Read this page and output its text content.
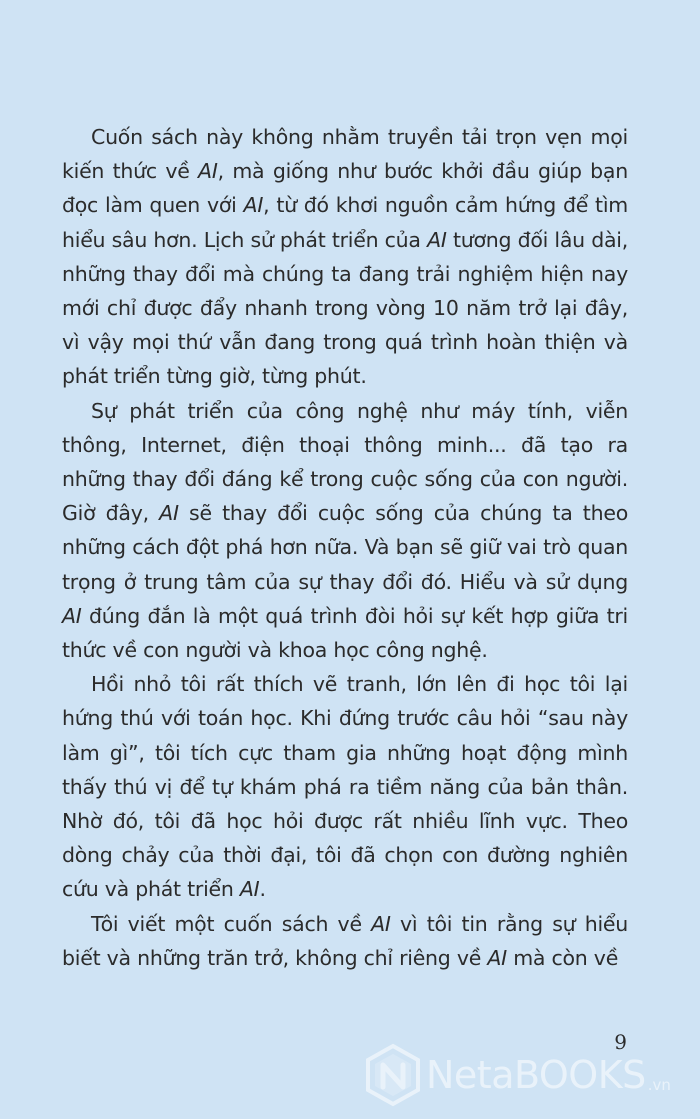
Cuốn sách này không nhằm truyền tải trọn vẹn mọi kiến thức về AI, mà giống như bước khởi đầu giúp bạn đọc làm quen với AI, từ đó khơi nguồn cảm hứng để tìm hiểu sâu hơn. Lịch sử phát triển của AI tương đối lâu dài, những thay đổi mà chúng ta đang trải nghiệm hiện nay mới chỉ được đẩy nhanh trong vòng 10 năm trở lại đây, vì vậy mọi thứ vẫn đang trong quá trình hoàn thiện và phát triển từng giờ, từng phút.

Sự phát triển của công nghệ như máy tính, viễn thông, Internet, điện thoại thông minh... đã tạo ra những thay đổi đáng kể trong cuộc sống của con người. Giờ đây, AI sẽ thay đổi cuộc sống của chúng ta theo những cách đột phá hơn nữa. Và bạn sẽ giữ vai trò quan trọng ở trung tâm của sự thay đổi đó. Hiểu và sử dụng AI đúng đắn là một quá trình đòi hỏi sự kết hợp giữa tri thức về con người và khoa học công nghệ.

Hồi nhỏ tôi rất thích vẽ tranh, lớn lên đi học tôi lại hứng thú với toán học. Khi đứng trước câu hỏi “sau này làm gì”, tôi tích cực tham gia những hoạt động mình thấy thú vị để tự khám phá ra tiềm năng của bản thân. Nhờ đó, tôi đã học hỏi được rất nhiều lĩnh vực. Theo dòng chảy của thời đại, tôi đã chọn con đường nghiên cứu và phát triển AI.

Tôi viết một cuốn sách về AI vì tôi tin rằng sự hiểu biết và những trăn trở, không chỉ riêng về AI mà còn về

9
NetaBOOKS .vn
